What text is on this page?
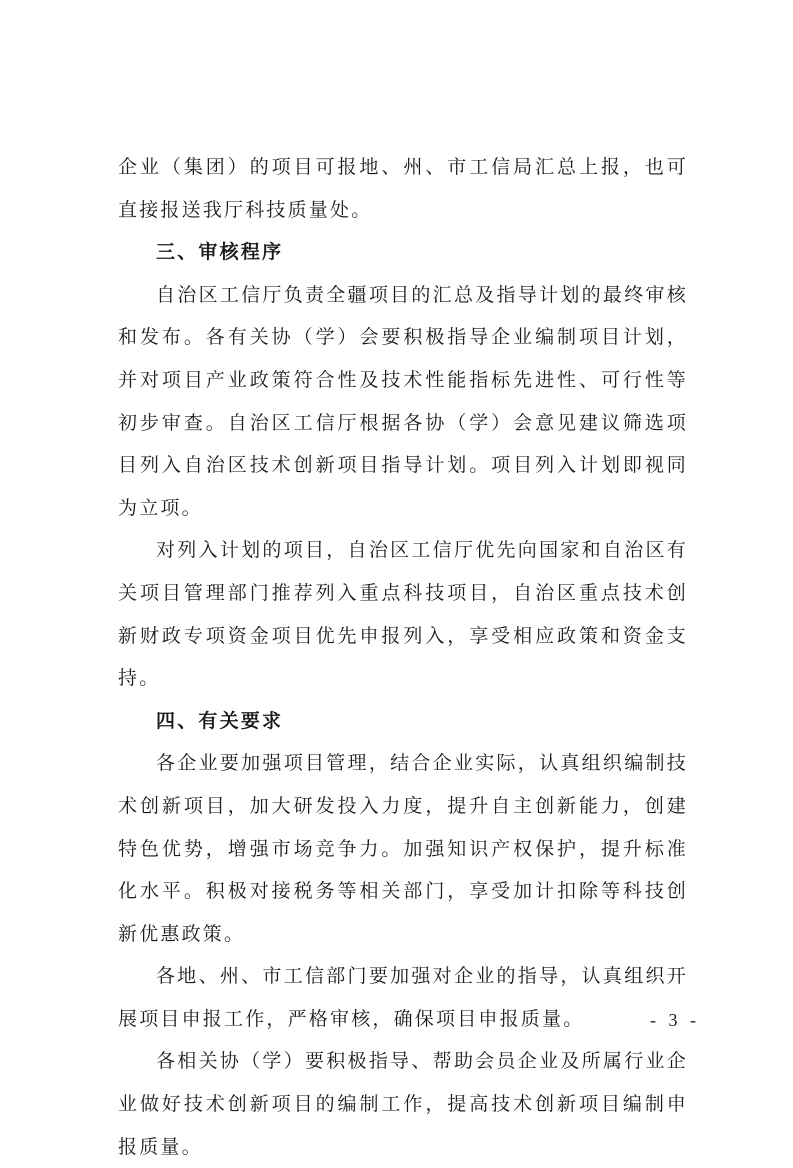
企业（集团）的项目可报地、州、市工信局汇总上报，也可直接报送我厅科技质量处。

三、审核程序

自治区工信厅负责全疆项目的汇总及指导计划的最终审核和发布。各有关协（学）会要积极指导企业编制项目计划，并对项目产业政策符合性及技术性能指标先进性、可行性等初步审查。自治区工信厅根据各协（学）会意见建议筛选项目列入自治区技术创新项目指导计划。项目列入计划即视同为立项。

对列入计划的项目，自治区工信厅优先向国家和自治区有关项目管理部门推荐列入重点科技项目，自治区重点技术创新财政专项资金项目优先申报列入，享受相应政策和资金支持。

四、有关要求

各企业要加强项目管理，结合企业实际，认真组织编制技术创新项目，加大研发投入力度，提升自主创新能力，创建特色优势，增强市场竞争力。加强知识产权保护，提升标准化水平。积极对接税务等相关部门，享受加计扣除等科技创新优惠政策。

各地、州、市工信部门要加强对企业的指导，认真组织开展项目申报工作，严格审核，确保项目申报质量。

各相关协（学）要积极指导、帮助会员企业及所属行业企业做好技术创新项目的编制工作，提高技术创新项目编制申报质量。

- 3 -
